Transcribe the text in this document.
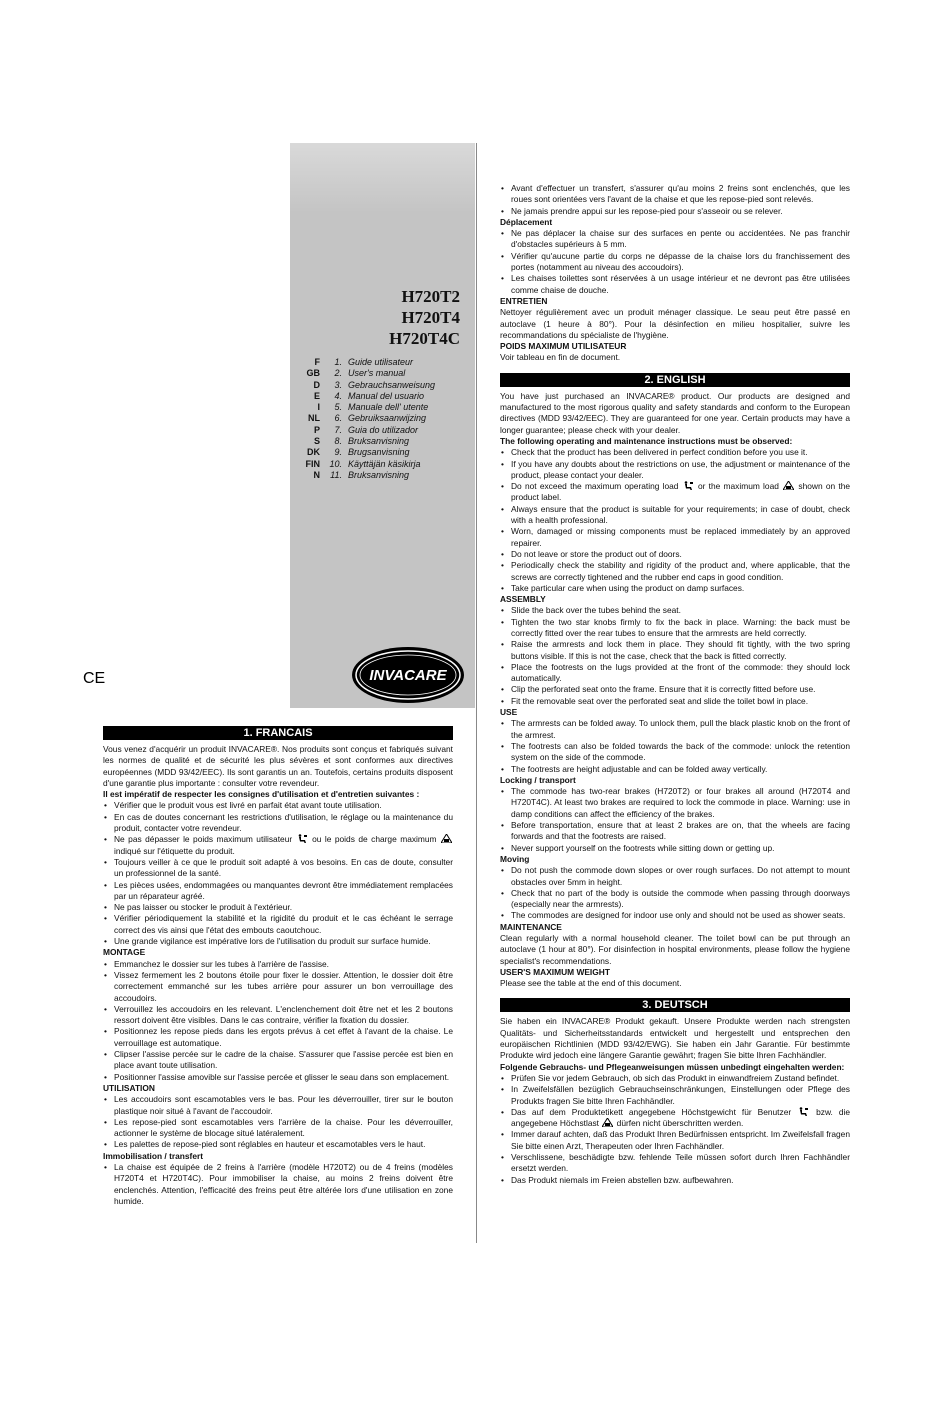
H720T2
H720T4
H720T4C
F	1. Guide utilisateur
GB	2. User's manual
D	3. Gebrauchsanweisung
E	4. Manual del usuario
I	5. Manuale dell' utente
NL	6. Gebruiksaanwijzing
P	7. Guia do utilizador
S	8. Bruksanvisning
DK	9. Brugsanvisning
FIN	10. Käyttäjän käsikirja
N	11. Bruksanvisning
INVACARE
CE
1. FRANCAIS

Vous venez d'acquérir un produit INVACARE®. Nos produits sont conçus et fabriqués suivant les normes de qualité et de sécurité les plus sévères et sont conformes aux directives européennes (MDD 93/42/EEC). Ils sont garantis un an. Toutefois, certains produits disposent d'une garantie plus importante : consulter votre revendeur.

Il est impératif de respecter les consignes d'utilisation et d'entretien suivantes :

• Vérifier que le produit vous est livré en parfait état avant toute utilisation.
• En cas de doutes concernant les restrictions d'utilisation, le réglage ou la maintenance du produit, contacter votre revendeur.
• Ne pas dépasser le poids maximum utilisateur ou le poids de charge maximum  indiqué sur l'étiquette du produit.
• Toujours veiller à ce que le produit soit adapté à vos besoins. En cas de doute, consulter un professionnel de la santé.
• Les pièces usées, endommagées ou manquantes devront être immédiatement remplacées par un réparateur agréé.
• Ne pas laisser ou stocker le produit à l'extérieur.
• Vérifier périodiquement la stabilité et la rigidité du produit et le cas échéant le serrage correct des vis ainsi que l'état des embouts caoutchouc.
• Une grande vigilance est impérative lors de l'utilisation du produit sur surface humide.

MONTAGE

• Emmanchez le dossier sur les tubes à l'arrière de l'assise.
• Vissez fermement les 2 boutons étoile pour fixer le dossier. Attention, le dossier doit être correctement emmanché sur les tubes arrière pour assurer un bon verrouillage des accoudoirs.
• Verrouillez les accoudoirs en les relevant. L'enclenchement doit être net et les 2 boutons ressort doivent être visibles. Dans le cas contraire, vérifier la fixation du dossier.
• Positionnez les repose pieds dans les ergots prévus à cet effet à l'avant de la chaise. Le verrouillage est automatique.
• Clipser l'assise percée sur le cadre de la chaise. S'assurer que l'assise percée est bien en place avant toute utilisation.
• Positionner l'assise amovible sur l'assise percée et glisser le seau dans son emplacement.

UTILISATION

• Les accoudoirs sont escamotables vers le bas. Pour les déverrouiller, tirer sur le bouton plastique noir situé à l'avant de l'accoudoir.
• Les repose-pied sont escamotables vers l'arrière de la chaise. Pour les déverrouiller, actionner le système de blocage situé latéralement.
• Les palettes de repose-pied sont réglables en hauteur et escamotables vers le haut.

Immobilisation / transfert

• La chaise est équipée de 2 freins à l'arrière (modèle H720T2) ou de 4 freins (modèles H720T4 et H720T4C). Pour immobiliser la chaise, au moins 2 freins doivent être enclenchés. Attention, l'efficacité des freins peut être altérée lors d'une utilisation en zone humide.
• Avant d'effectuer un transfert, s'assurer qu'au moins 2 freins sont enclenchés, que les roues sont orientées vers l'avant de la chaise et que les repose-pied sont relevés.
• Ne jamais prendre appui sur les repose-pied pour s'asseoir ou se relever.

Déplacement

• Ne pas déplacer la chaise sur des surfaces en pente ou accidentées. Ne pas franchir d'obstacles supérieurs à 5 mm.
• Vérifier qu'aucune partie du corps ne dépasse de la chaise lors du franchissement des portes (notamment au niveau des accoudoirs).
• Les chaises toilettes sont réservées à un usage intérieur et ne devront pas être utilisées comme chaise de douche.

ENTRETIEN

Nettoyer régulièrement avec un produit ménager classique. Le seau peut être passé en autoclave (1 heure à 80°). Pour la désinfection en milieu hospitalier, suivre les recommandations du spécialiste de l'hygiène.

POIDS MAXIMUM UTILISATEUR

Voir tableau en fin de document.

2. ENGLISH

You have just purchased an INVACARE® product. Our products are designed and manufactured to the most rigorous quality and safety standards and conform to the European directives (MDD 93/42/EEC). They are guaranteed for one year. Certain products may have a longer guarantee; please check with your dealer.

The following operating and maintenance instructions must be observed:

• Check that the product has been delivered in perfect condition before you use it.
• If you have any doubts about the restrictions on use, the adjustment or maintenance of the product, please contact your dealer.
• Do not exceed the maximum operating load or the maximum load shown on the product label.
• Always ensure that the product is suitable for your requirements; in case of doubt, check with a health professional.
• Worn, damaged or missing components must be replaced immediately by an approved repairer.
• Do not leave or store the product out of doors.
• Periodically check the stability and rigidity of the product and, where applicable, that the screws are correctly tightened and the rubber end caps in good condition.
• Take particular care when using the product on damp surfaces.

ASSEMBLY

• Slide the back over the tubes behind the seat.
• Tighten the two star knobs firmly to fix the back in place. Warning: the back must be correctly fitted over the rear tubes to ensure that the armrests are held correctly.
• Raise the armrests and lock them in place. They should fit tightly, with the two spring buttons visible. If this is not the case, check that the back is fitted correctly.
• Place the footrests on the lugs provided at the front of the commode: they should lock automatically.
• Clip the perforated seat onto the frame. Ensure that it is correctly fitted before use.
• Fit the removable seat over the perforated seat and slide the toilet bowl in place.

USE

• The armrests can be folded away. To unlock them, pull the black plastic knob on the front of the armrest.
• The footrests can also be folded towards the back of the commode: unlock the retention system on the side of the commode.
• The footrests are height adjustable and can be folded away vertically.

Locking / transport

• The commode has two-rear brakes (H720T2) or four brakes all around (H720T4 and H720T4C). At least two brakes are required to lock the commode in place. Warning: use in damp conditions can affect the efficiency of the brakes.
• Before transportation, ensure that at least 2 brakes are on, that the wheels are facing forwards and that the footrests are raised.
• Never support yourself on the footrests while sitting down or getting up.

Moving

• Do not push the commode down slopes or over rough surfaces. Do not attempt to mount obstacles over 5mm in height.
• Check that no part of the body is outside the commode when passing through doorways (especially near the armrests).
• The commodes are designed for indoor use only and should not be used as shower seats.

MAINTENANCE

Clean regularly with a normal household cleaner. The toilet bowl can be put through an autoclave (1 hour at 80°). For disinfection in hospital environments, please follow the hygiene specialist's recommendations.

USER'S MAXIMUM WEIGHT

Please see the table at the end of this document.

3. DEUTSCH

Sie haben ein INVACARE® Produkt gekauft. Unsere Produkte werden nach strengsten Qualitäts- und Sicherheitsstandards entwickelt und hergestellt und entsprechen den europäischen Richtlinien (MDD 93/42/EWG). Sie haben ein Jahr Garantie. Für bestimmte Produkte wird jedoch eine längere Garantie gewährt; fragen Sie bitte Ihren Fachhändler.

Folgende Gebrauchs- und Pflegeanweisungen müssen unbedingt eingehalten werden:

• Prüfen Sie vor jedem Gebrauch, ob sich das Produkt in einwandfreiem Zustand befindet.
• In Zweifelsfällen bezüglich Gebrauchseinschränkungen, Einstellungen oder Pflege des Produkts fragen Sie bitte Ihren Fachhändler.
• Das auf dem Produktetikett angegebene Höchstgewicht für Benutzer	bzw. die angegebene Höchstlast dürfen nicht überschritten werden.
• Immer darauf achten, daß das Produkt Ihren Bedürfnissen entspricht. Im Zweifelsfall fragen Sie bitte einen Arzt, Therapeuten oder Ihren Fachhändler.
• Verschlissene, beschädigte bzw. fehlende Teile müssen sofort durch Ihren Fachhändler ersetzt werden.
• Das Produkt niemals im Freien abstellen bzw. aufbewahren.
